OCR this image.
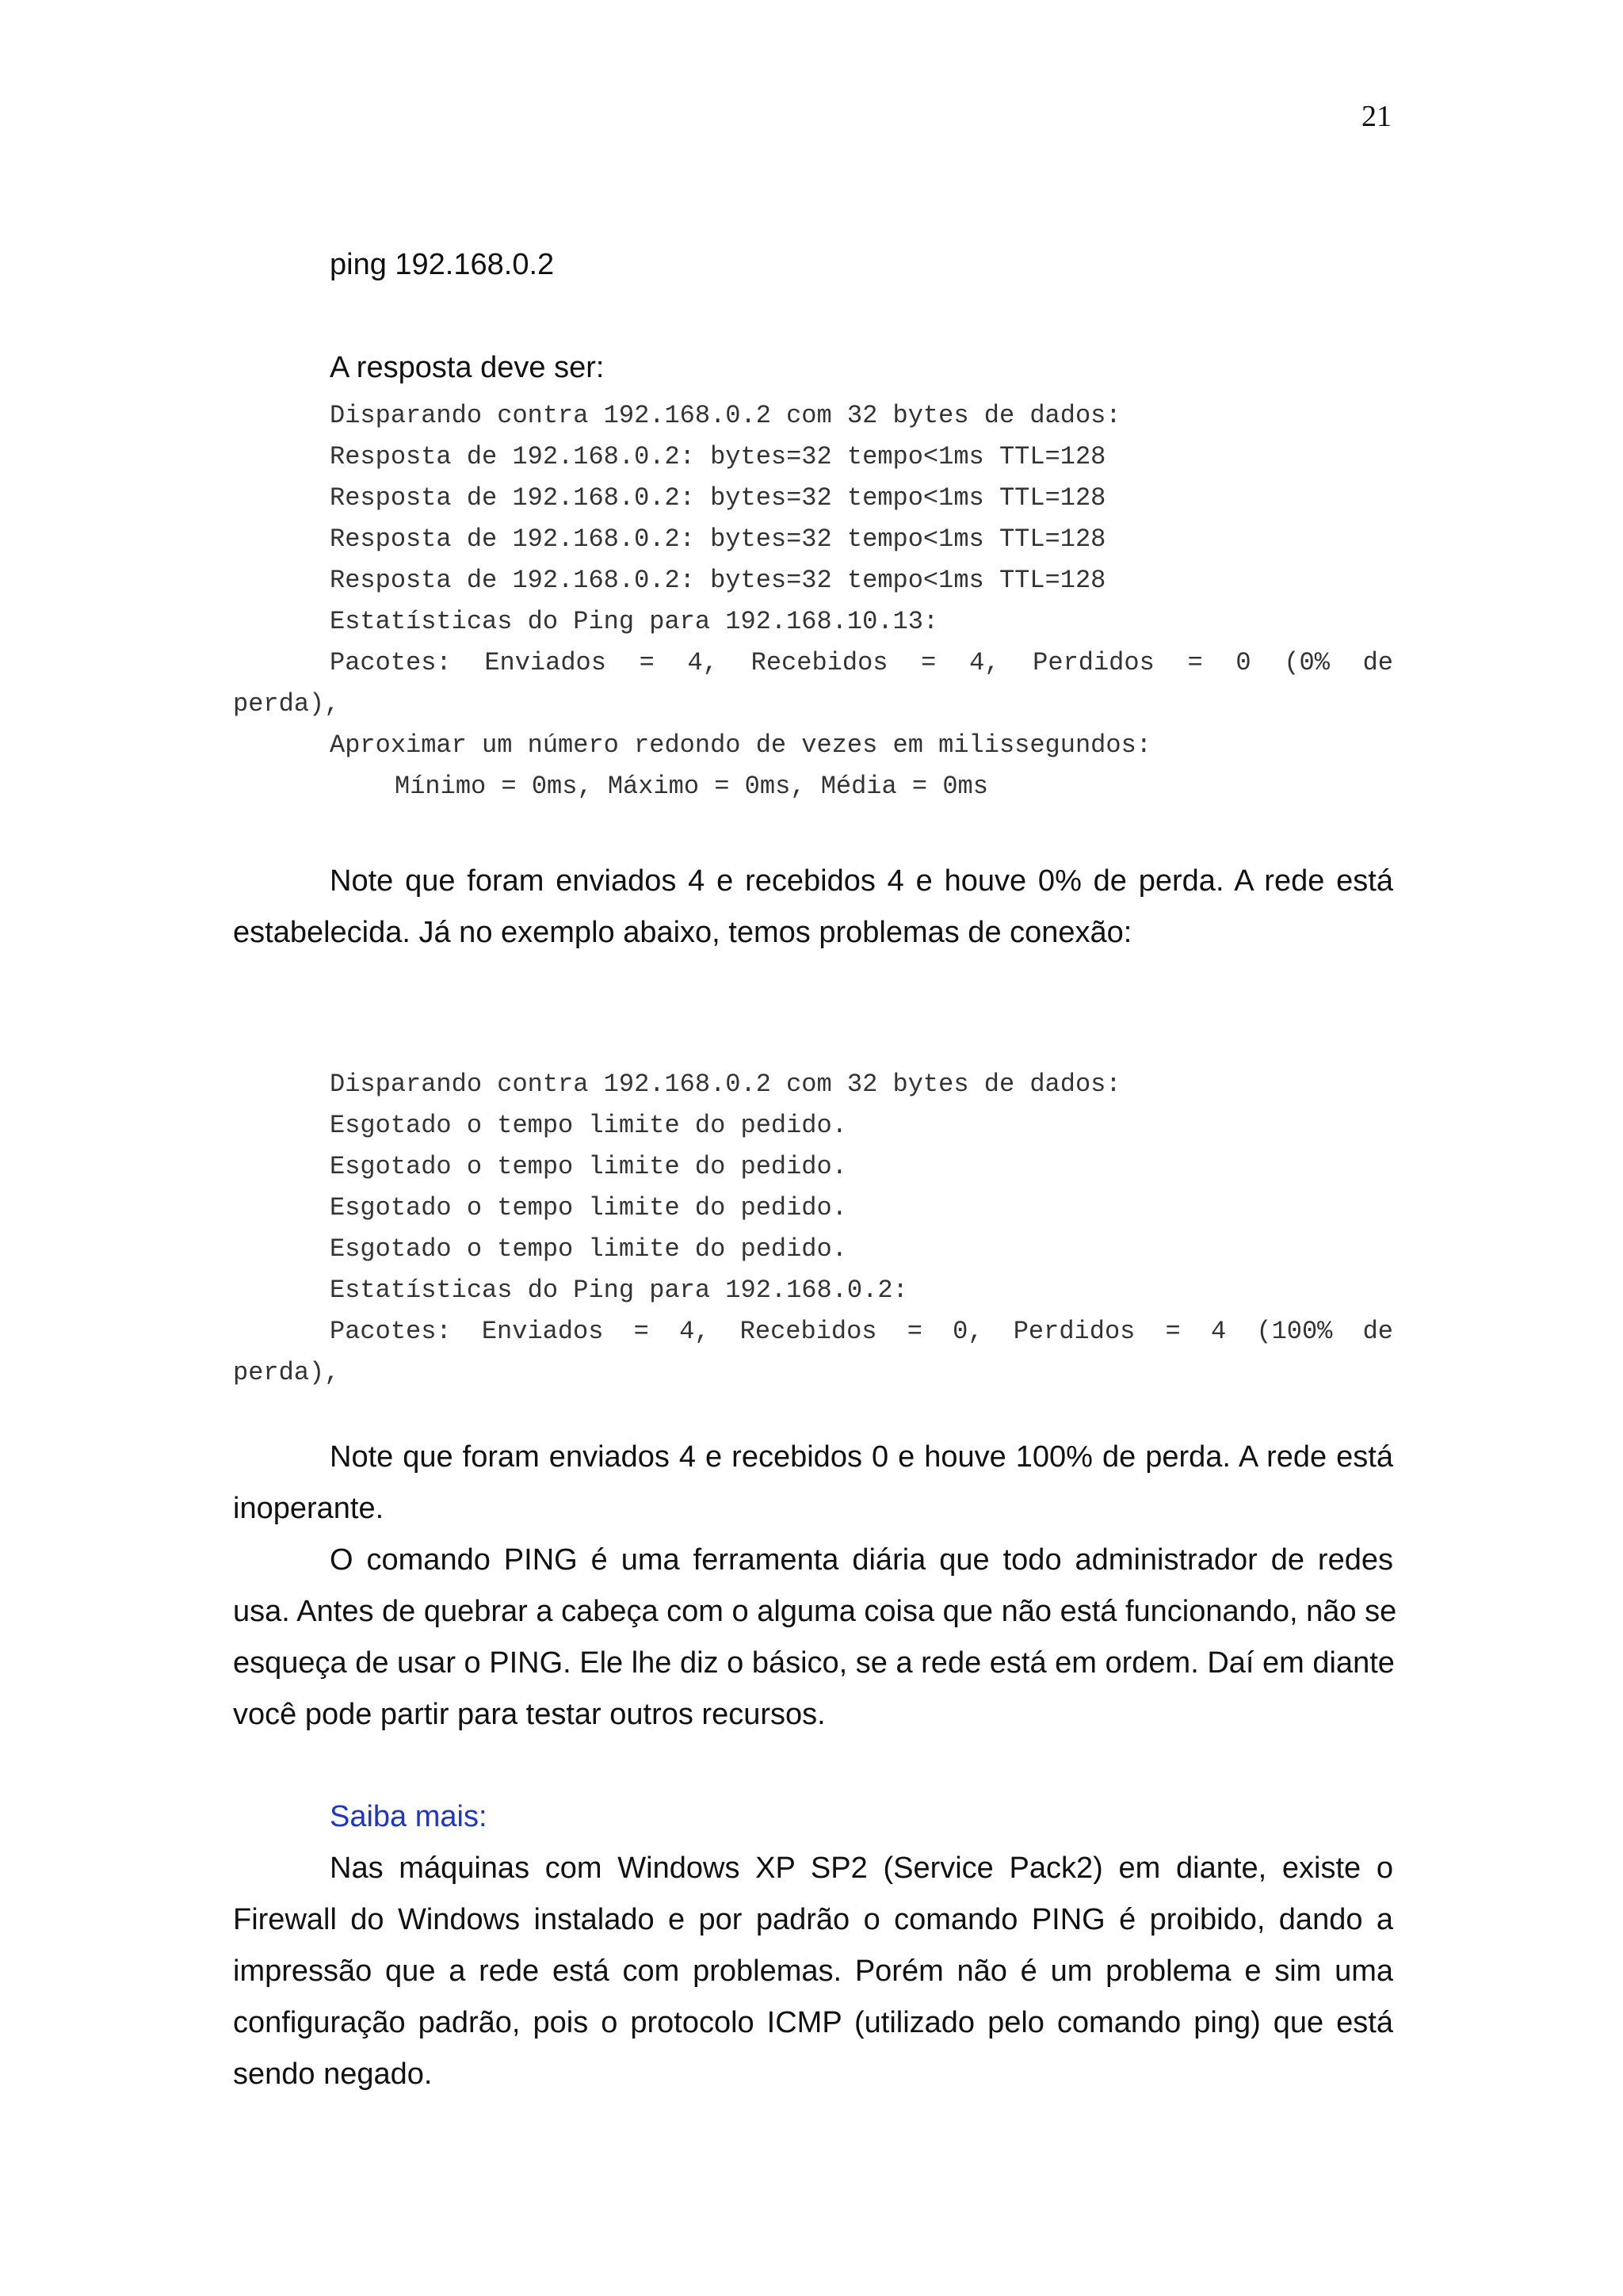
21
ping 192.168.0.2
A resposta deve ser:
Disparando contra 192.168.0.2 com 32 bytes de dados:
Resposta de 192.168.0.2: bytes=32 tempo<1ms TTL=128
Resposta de 192.168.0.2: bytes=32 tempo<1ms TTL=128
Resposta de 192.168.0.2: bytes=32 tempo<1ms TTL=128
Resposta de 192.168.0.2: bytes=32 tempo<1ms TTL=128
Estatísticas do Ping para 192.168.10.13:
Pacotes: Enviados = 4, Recebidos = 4, Perdidos = 0 (0% de
perda),
Aproximar um número redondo de vezes em milissegundos:
Mínimo = 0ms, Máximo = 0ms, Média = 0ms
Note que foram enviados 4 e recebidos 4 e houve 0% de perda. A rede está
estabelecida. Já no exemplo abaixo, temos problemas de conexão:
Disparando contra 192.168.0.2 com 32 bytes de dados:
Esgotado o tempo limite do pedido.
Esgotado o tempo limite do pedido.
Esgotado o tempo limite do pedido.
Esgotado o tempo limite do pedido.
Estatísticas do Ping para 192.168.0.2:
Pacotes: Enviados = 4, Recebidos = 0, Perdidos = 4 (100% de
perda),
Note que foram enviados 4 e recebidos 0 e houve 100% de perda. A rede está
inoperante.
O comando PING é uma ferramenta diária que todo administrador de redes
usa. Antes de quebrar a cabeça com o alguma coisa que não está funcionando, não se
esqueça de usar o PING. Ele lhe diz o básico, se a rede está em ordem. Daí em diante
você pode partir para testar outros recursos.
Saiba mais:
Nas máquinas com Windows XP SP2 (Service Pack2) em diante, existe o
Firewall do Windows instalado e por padrão o comando PING é proibido, dando a
impressão que a rede está com problemas. Porém não é um problema e sim uma
configuração padrão, pois o protocolo ICMP (utilizado pelo comando ping) que está
sendo negado.
